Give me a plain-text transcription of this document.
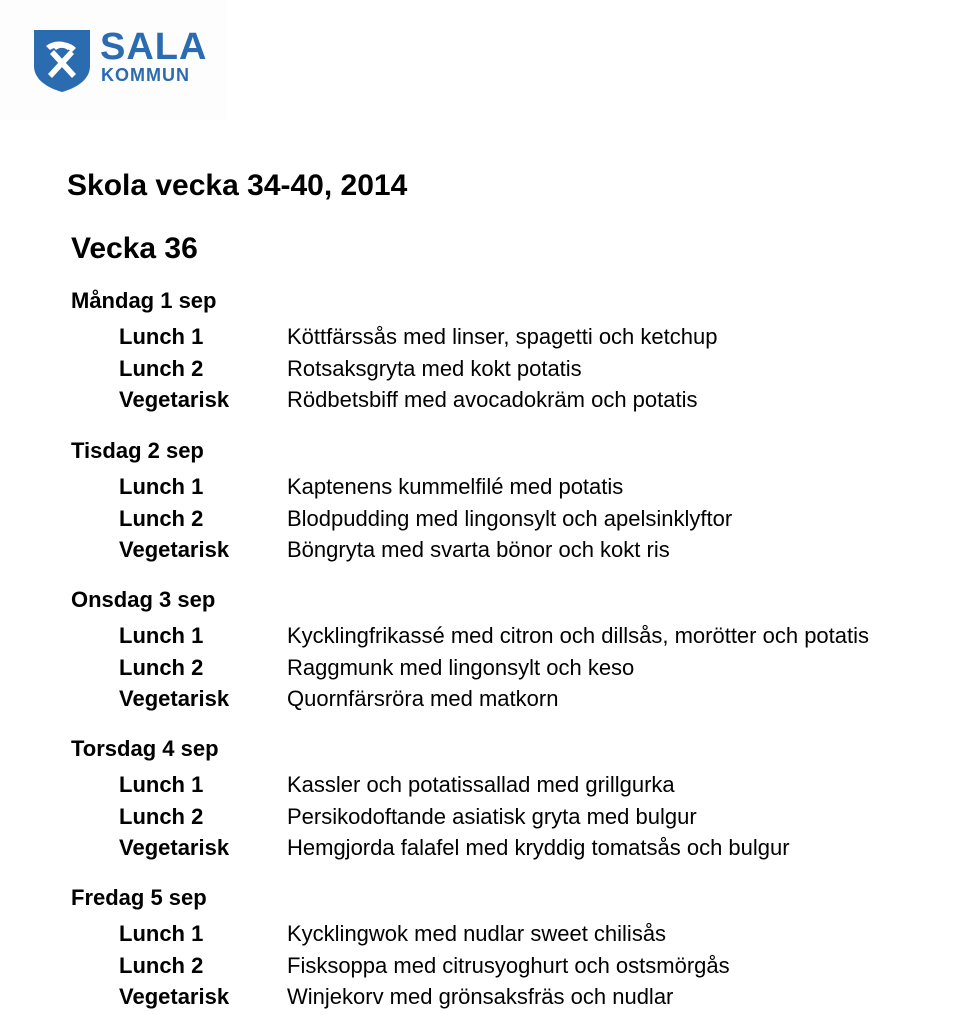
SALA
KOMMUN
Skola vecka 34-40, 2014
Vecka 36
Måndag 1 sep
Lunch 1	Köttfärssås med linser, spagetti och ketchup
Lunch 2	Rotsaksgryta med kokt potatis
Vegetarisk	Rödbetsbiff med avocadokräm och potatis
Tisdag 2 sep
Lunch 1	Kaptenens kummelfilé med potatis
Lunch 2	Blodpudding med lingonsylt och apelsinklyftor
Vegetarisk	Böngryta med svarta bönor och kokt ris
Onsdag 3 sep
Lunch 1	Kycklingfrikassé med citron och dillsås, morötter och potatis
Lunch 2	Raggmunk med lingonsylt och keso
Vegetarisk	Quornfärsröra med matkorn
Torsdag 4 sep
Lunch 1	Kassler och potatissallad med grillgurka
Lunch 2	Persikodoftande asiatisk gryta med bulgur
Vegetarisk	Hemgjorda falafel med kryddig tomatsås och bulgur
Fredag 5 sep
Lunch 1	Kycklingwok med nudlar sweet chilisås
Lunch 2	Fisksoppa med citrusyoghurt och ostsmörgås
Vegetarisk	Winjekorv med grönsaksfräs och nudlar
